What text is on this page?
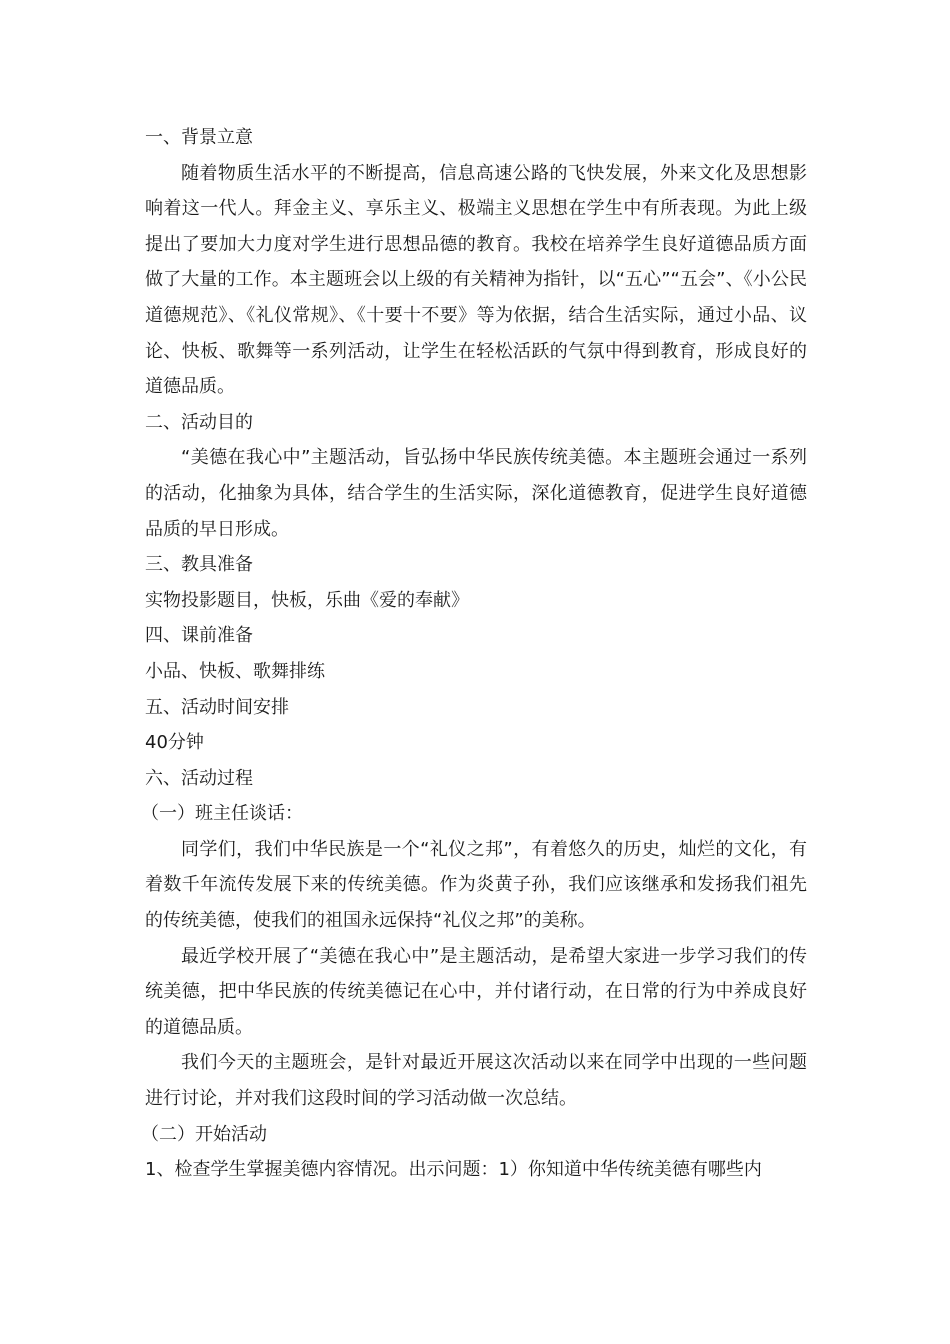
一、背景立意

随着物质生活水平的不断提高，信息高速公路的飞快发展，外来文化及思想影响着这一代人。拜金主义、享乐主义、极端主义思想在学生中有所表现。为此上级提出了要加大力度对学生进行思想品德的教育。我校在培养学生良好道德品质方面做了大量的工作。本主题班会以上级的有关精神为指针，以“五心”“五会”、《小公民道德规范》、《礼仪常规》、《十要十不要》等为依据，结合生活实际，通过小品、议论、快板、歌舞等一系列活动，让学生在轻松活跃的气氛中得到教育，形成良好的道德品质。

二、活动目的

“美德在我心中”主题活动，旨弘扬中华民族传统美德。本主题班会通过一系列的活动，化抽象为具体，结合学生的生活实际，深化道德教育，促进学生良好道德品质的早日形成。

三、教具准备

实物投影题目，快板，乐曲《爱的奉献》

四、课前准备

小品、快板、歌舞排练

五、活动时间安排

40分钟

六、活动过程

（一）班主任谈话：

同学们，我们中华民族是一个“礼仪之邦”，有着悠久的历史，灿烂的文化，有着数千年流传发展下来的传统美德。作为炎黄子孙，我们应该继承和发扬我们祖先的传统美德，使我们的祖国永远保持“礼仪之邦”的美称。

最近学校开展了“美德在我心中”是主题活动，是希望大家进一步学习我们的传统美德，把中华民族的传统美德记在心中，并付诸行动，在日常的行为中养成良好的道德品质。

我们今天的主题班会，是针对最近开展这次活动以来在同学中出现的一些问题进行讨论，并对我们这段时间的学习活动做一次总结。

（二）开始活动

1、检查学生掌握美德内容情况。出示问题：1）你知道中华传统美德有哪些内
